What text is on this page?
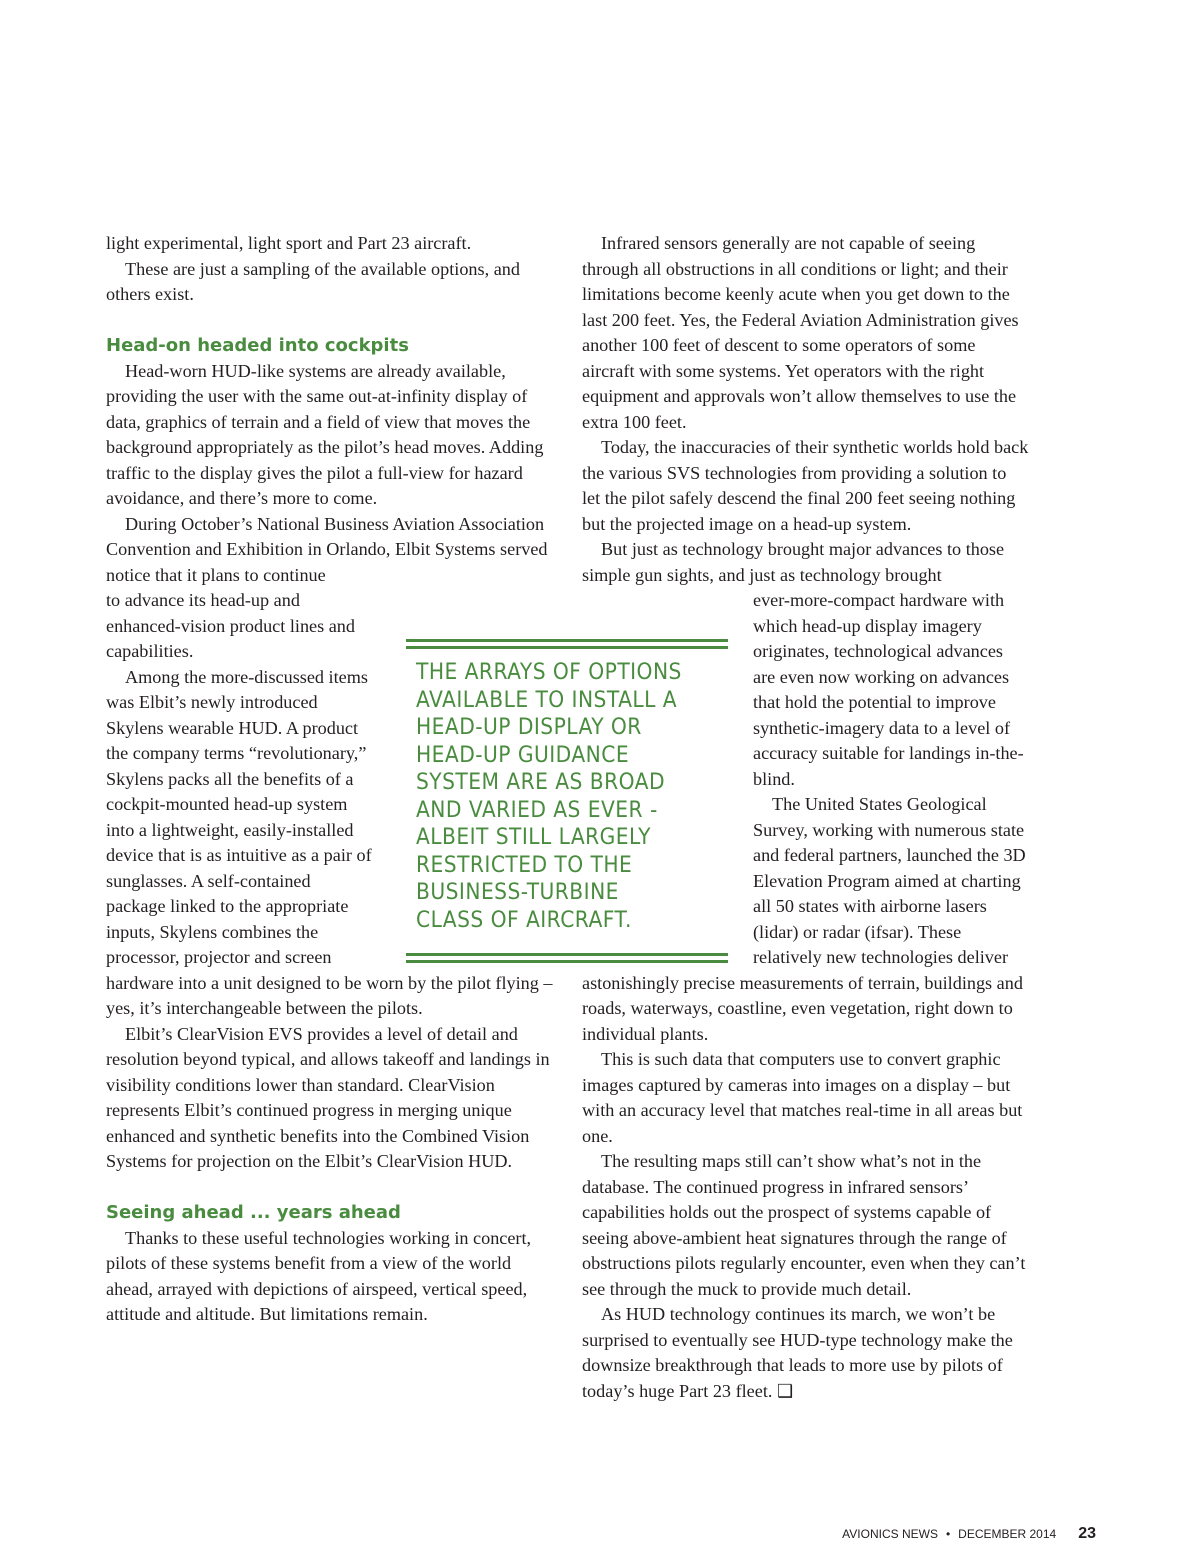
light experimental, light sport and Part 23 aircraft.

These are just a sampling of the available options, and others exist.

Head-on headed into cockpits

Head-worn HUD-like systems are already available, providing the user with the same out-at-infinity display of data, graphics of terrain and a field of view that moves the background appropriately as the pilot’s head moves. Adding traffic to the display gives the pilot a full-view for hazard avoidance, and there’s more to come.

During October’s National Business Aviation Association Convention and Exhibition in Orlando, Elbit Systems served notice that it plans to continue

to advance its head-up and enhanced-vision product lines and capabilities.

Among the more-discussed items was Elbit’s newly introduced Skylens wearable HUD. A product the company terms “revolutionary,” Skylens packs all the benefits of a cockpit-mounted head-up system into a lightweight, easily-installed device that is as intuitive as a pair of sunglasses. A self-contained package linked to the appropriate inputs, Skylens combines the processor, projector and screen hardware into a unit designed to be worn by the pilot flying – yes, it’s interchangeable between the pilots.

Elbit’s ClearVision EVS provides a level of detail and resolution beyond typical, and allows takeoff and landings in visibility conditions lower than standard. ClearVision represents Elbit’s continued progress in merging unique enhanced and synthetic benefits into the Combined Vision Systems for projection on the Elbit’s ClearVision HUD.

Seeing ahead ... years ahead

Thanks to these useful technologies working in concert, pilots of these systems benefit from a view of the world ahead, arrayed with depictions of airspeed, vertical speed, attitude and altitude. But limitations remain.

Infrared sensors generally are not capable of seeing through all obstructions in all conditions or light; and their limitations become keenly acute when you get down to the last 200 feet. Yes, the Federal Aviation Administration gives another 100 feet of descent to some operators of some aircraft with some systems. Yet operators with the right equipment and approvals won’t allow themselves to use the extra 100 feet.

Today, the inaccuracies of their synthetic worlds hold back the various SVS technologies from providing a solution to let the pilot safely descend the final 200 feet seeing nothing but the projected image on a head-up system.

But just as technology brought major advances to those simple gun sights, and just as technology brought

ever-more-compact hardware with which head-up display imagery originates, technological advances are even now working on advances that hold the potential to improve synthetic-imagery data to a level of accuracy suitable for landings in-the-blind.

The United States Geological Survey, working with numerous state and federal partners, launched the 3D Elevation Program aimed at charting all 50 states with airborne lasers (lidar) or radar (ifsar). These relatively new technologies deliver astonishingly precise measurements of terrain, buildings and roads, waterways, coastline, even vegetation, right down to individual plants.

This is such data that computers use to convert graphic images captured by cameras into images on a display – but with an accuracy level that matches real-time in all areas but one.

The resulting maps still can’t show what’s not in the database. The continued progress in infrared sensors’ capabilities holds out the prospect of systems capable of seeing above-ambient heat signatures through the range of obstructions pilots regularly encounter, even when they can’t see through the muck to provide much detail.

As HUD technology continues its march, we won’t be surprised to eventually see HUD-type technology make the downsize breakthrough that leads to more use by pilots of today’s huge Part 23 fleet. ❑

THE ARRAYS OF OPTIONS AVAILABLE TO INSTALL A HEAD-UP DISPLAY OR HEAD-UP GUIDANCE SYSTEM ARE AS BROAD AND VARIED AS EVER - ALBEIT STILL LARGELY RESTRICTED TO THE BUSINESS-TURBINE CLASS OF AIRCRAFT.
AVIONICS NEWS • DECEMBER 2014 23
